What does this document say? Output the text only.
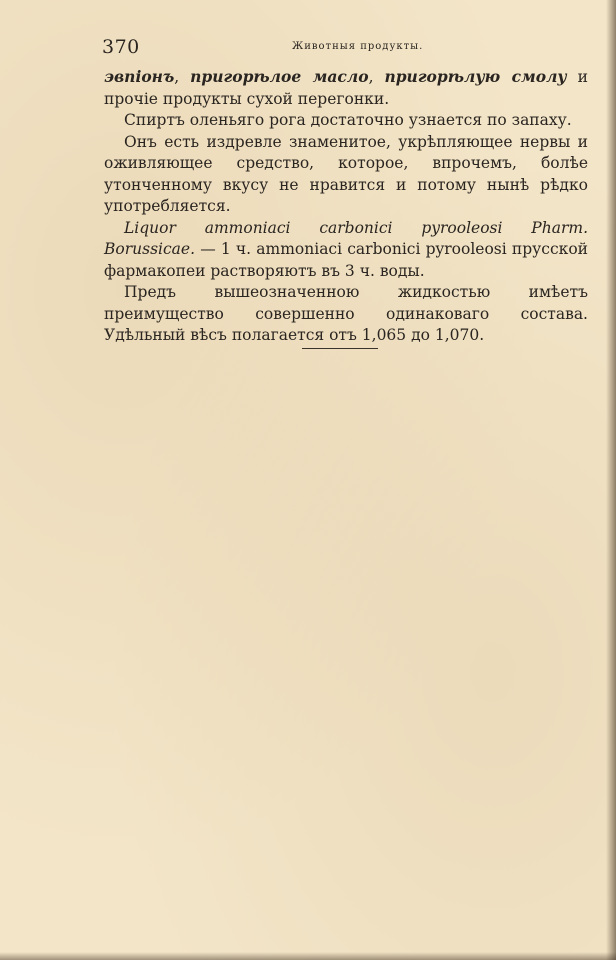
370	Животныя продукты.

эвпіонъ, пригорѣлое масло, пригорѣлую смолу и прочіе продукты сухой перегонки.

Спиртъ оленьяго рога достаточно узнается по запаху.

Онъ есть издревле знаменитое, укрѣпляющее нервы и оживляющее средство, которое, впрочемъ, болѣе утонченному вкусу не нравится и потому нынѣ рѣдко употребляется.

Liquor ammoniaci carbonici pyrooleosi Pharm. Borussicae. — 1 ч. ammoniaci carbonici pyrooleosi прусской фармакопеи растворяютъ въ 3 ч. воды.

Предъ вышеозначенною жидкостью имѣетъ преимущество совершенно одинаковаго состава. Удѣльный вѣсъ полагается отъ 1,065 до 1,070.
